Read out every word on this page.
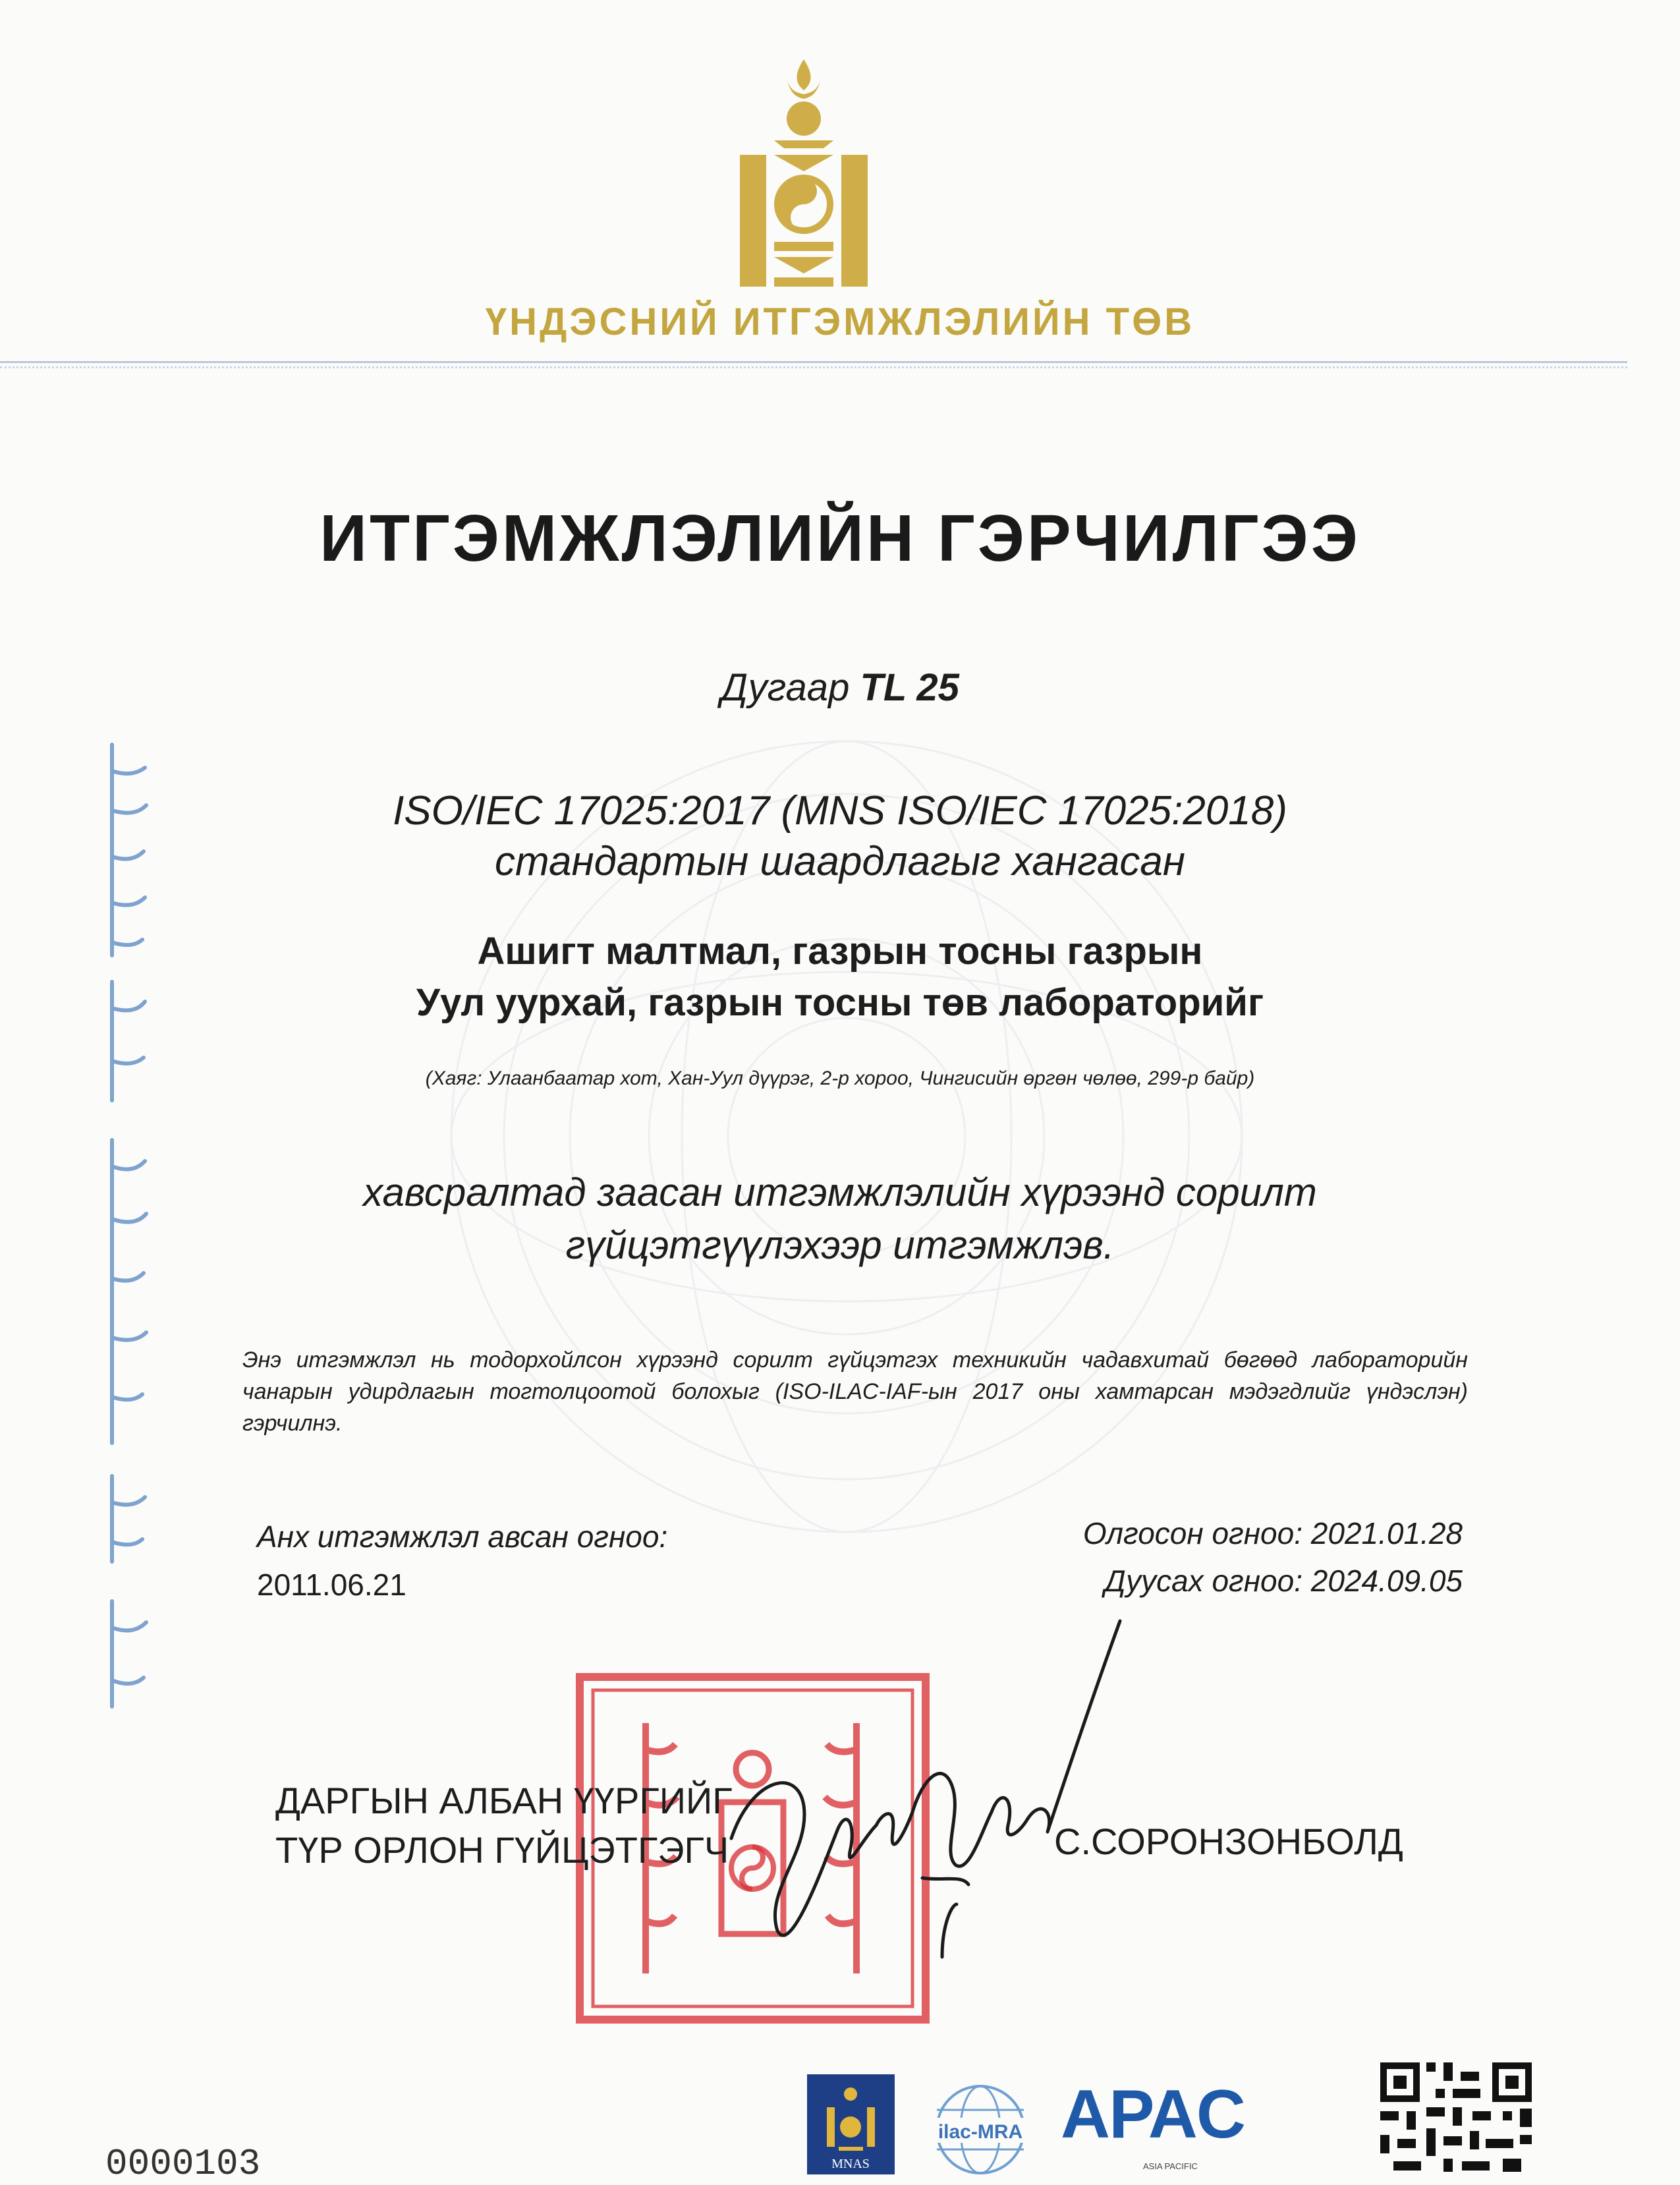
ҮНДЭСНИЙ ИТГЭМЖЛЭЛИЙН ТӨВ
ИТГЭМЖЛЭЛИЙН ГЭРЧИЛГЭЭ
Дугаар TL 25
ISO/IEC 17025:2017 (MNS ISO/IEC 17025:2018)
стандартын шаардлагыг хангасан
Ашигт малтмал, газрын тосны газрын
Уул уурхай, газрын тосны төв лабораторийг
(Хаяг: Улаанбаатар хот, Хан-Уул дүүрэг, 2-р хороо, Чингисийн өргөн чөлөө, 299-р байр)
хавсралтад заасан итгэмжлэлийн хүрээнд сорилт
гүйцэтгүүлэхээр итгэмжлэв.
Энэ итгэмжлэл нь тодорхойлсон хүрээнд сорилт гүйцэтгэх техникийн чадавхитай бөгөөд лабораторийн чанарын удирдлагын тогтолцоотой болохыг (ISO-ILAC-IAF-ын 2017 оны хамтарсан мэдэгдлийг үндэслэн) гэрчилнэ.
Анх итгэмжлэл авсан огноо:
2011.06.21
Олгосон огноо: 2021.01.28
Дуусах огноо: 2024.09.05
ДАРГЫН АЛБАН ҮҮРГИЙГ
ТҮР ОРЛОН ГҮЙЦЭТГЭГЧ	С.СОРОНЗОНБОЛД
MNAS
ilac-MRA APAC
ASIA PACIFIC
0000103
